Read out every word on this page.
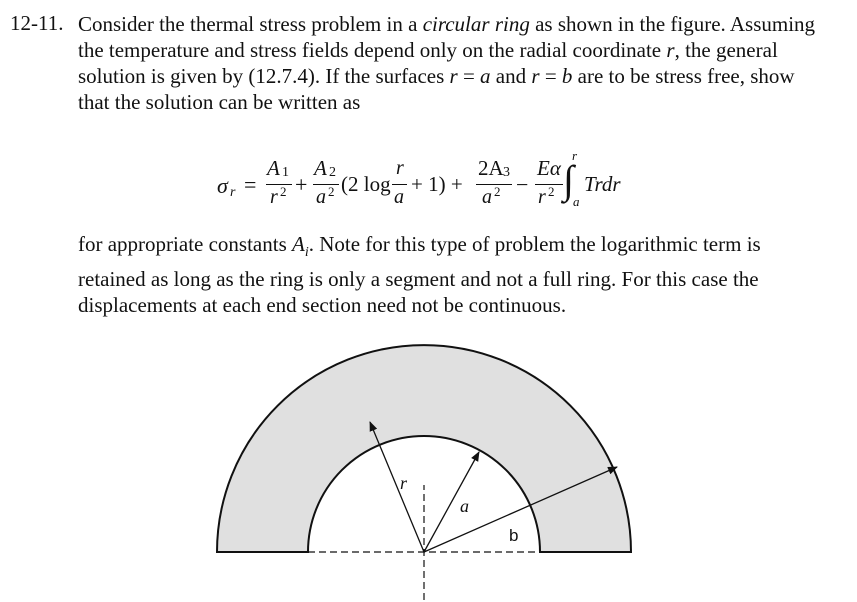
12-11. Consider the thermal stress problem in a circular ring as shown in the figure. Assuming
the temperature and stress fields depend only on the radial coordinate r, the general
solution is given by (12.7.4). If the surfaces r = a and r = b are to be stress free, show
that the solution can be written as
σ r =
A 1
r 2 +
A 2
a 2 (2 log
r
a
+ 1) +
2A 3
a 2 −
Eα
r 2 ∫
r
a
Trdr
for appropriate constants $A_i$. Note for this type of problem the logarithmic term is
retained as long as the ring is only a segment and not a full ring. For this case the
displacements at each end section need not be continuous.
r
a
b
